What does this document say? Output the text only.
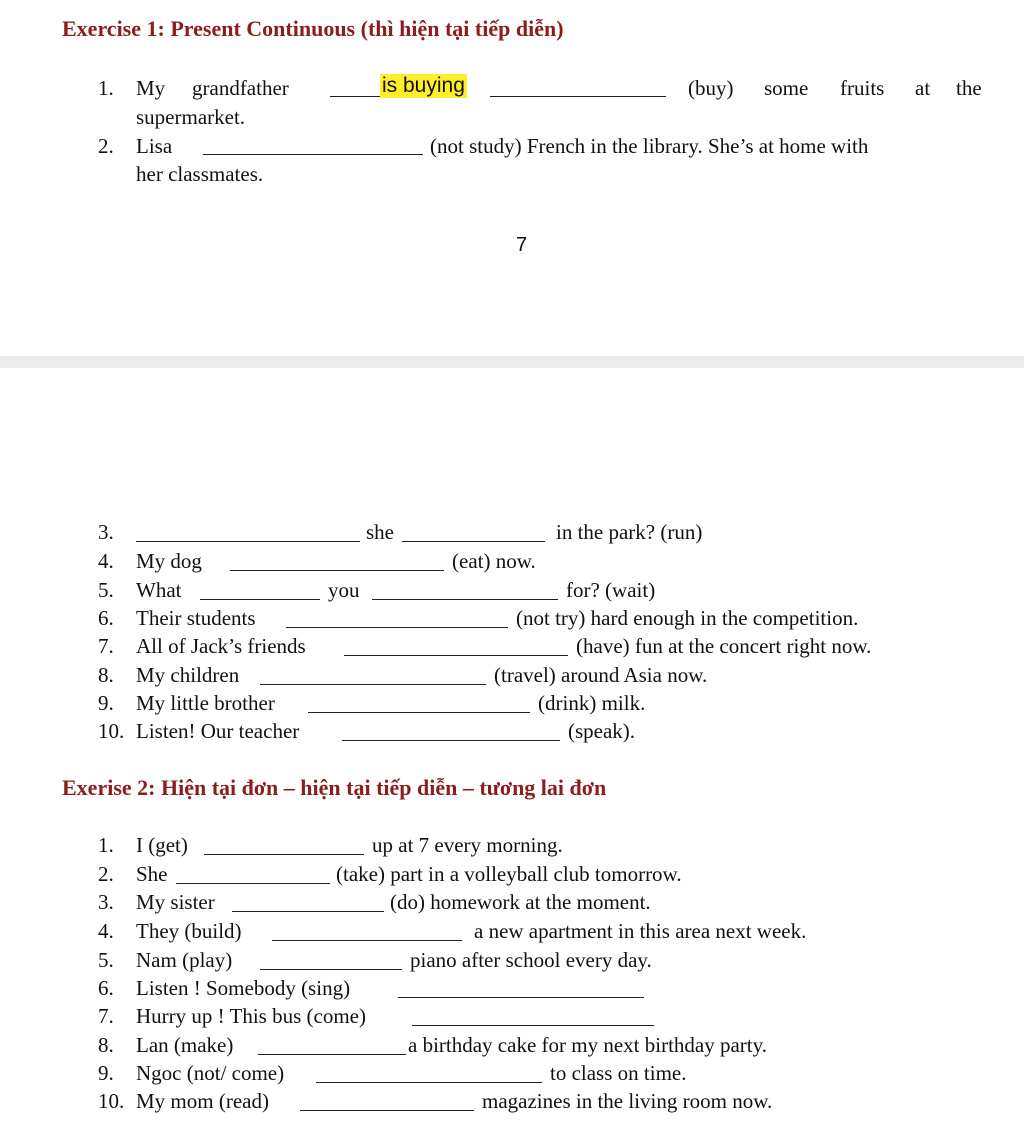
Exercise 1: Present Continuous (thì hiện tại tiếp diễn)
1. My grandfather	is buying	(buy) some fruits at the
supermarket.
2. Lisa	(not study) French in the library. She’s at home with
her classmates.
7
3.	she	in the park? (run)
4. My dog	(eat) now.
5. What	you	for? (wait)
6. Their students	(not try) hard enough in the competition.
7. All of Jack’s friends	(have) fun at the concert right now.
8. My children	(travel) around Asia now.
9. My little brother	(drink) milk.
10. Listen! Our teacher	(speak).
Exerise 2: Hiện tại đơn – hiện tại tiếp diễn – tương lai đơn
1. I (get)	up at 7 every morning.
2. She	(take) part in a volleyball club tomorrow.
3. My sister	(do) homework at the moment.
4. They (build)	a new apartment in this area next week.
5. Nam (play)	piano after school every day.
6. Listen ! Somebody (sing)
7. Hurry up ! This bus (come)
8. Lan (make)	a birthday cake for my next birthday party.
9. Ngoc (not/ come)	to class on time.
10. My mom (read)	magazines in the living room now.
